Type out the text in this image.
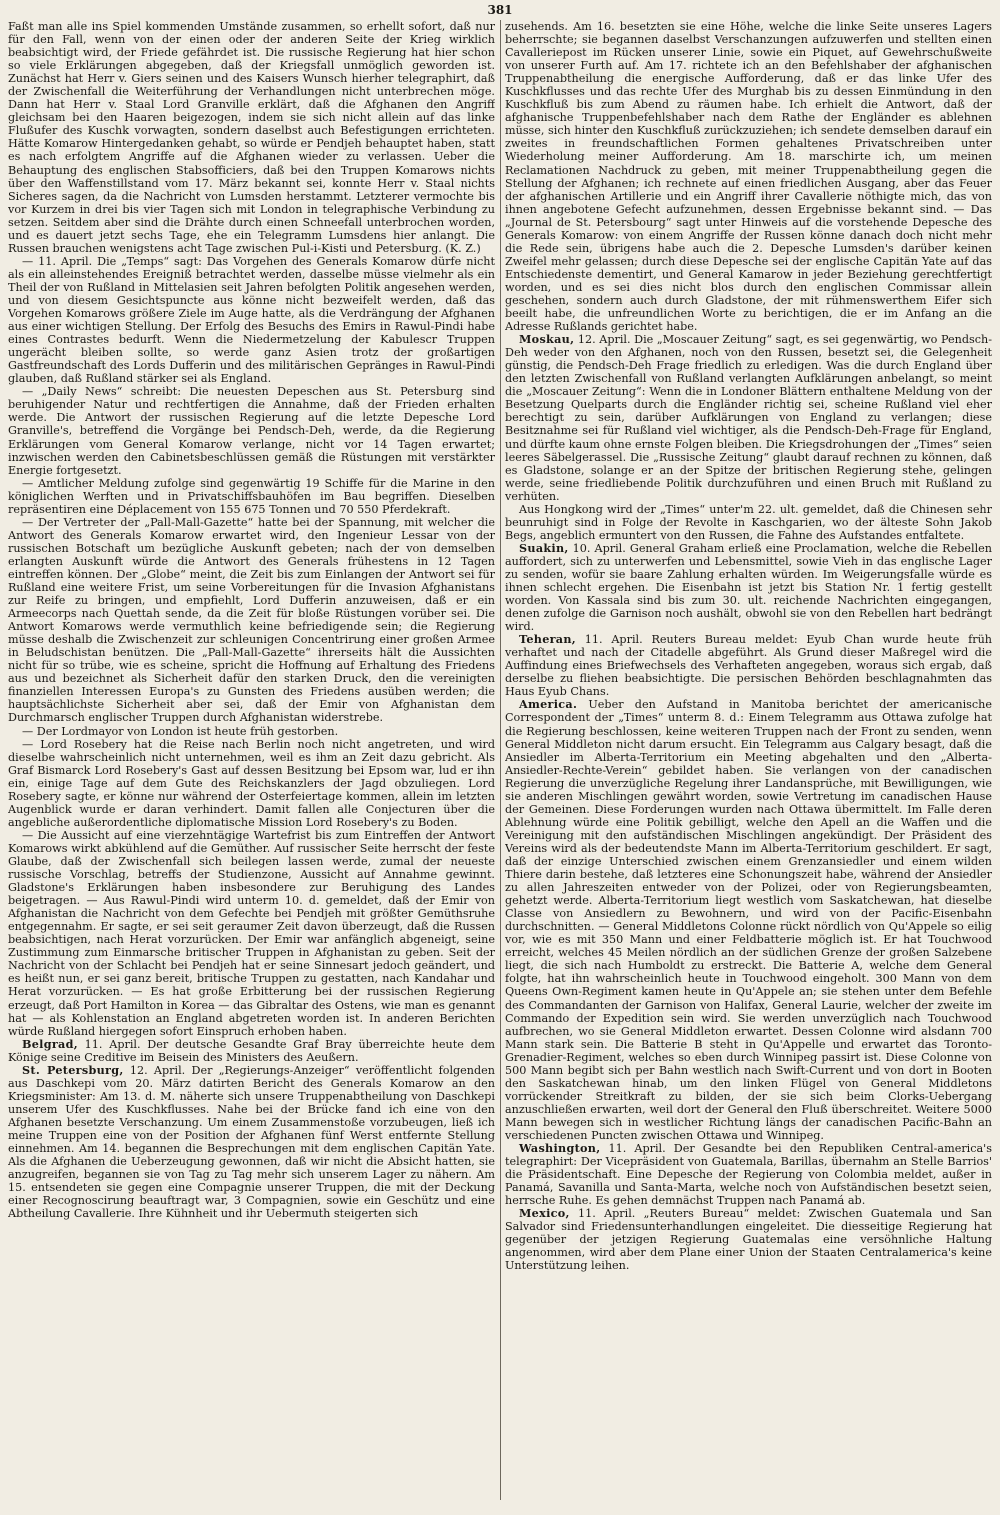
381

Faßt man alle ins Spiel kommenden Umstände zusammen, so erhellt sofort, daß nur für den Fall, wenn von der einen oder der anderen Seite der Krieg wirklich beabsichtigt wird, der Friede gefährdet ist. Die russische Regierung hat hier schon so viele Erklärungen abgegeben, daß der Kriegsfall unmöglich geworden ist. Zunächst hat Herr v. Giers seinen und des Kaisers Wunsch hierher telegraphirt, daß der Zwischenfall die Weiterführung der Verhandlungen nicht unterbrechen möge. Dann hat Herr v. Staal Lord Granville erklärt, daß die Afghanen den Angriff gleichsam bei den Haaren beigezogen, indem sie sich nicht allein auf das linke Flußufer des Kuschk vorwagten, sondern daselbst auch Befestigungen errichteten. Hätte Komarow Hintergedanken gehabt, so würde er Pendjeh behauptet haben, statt es nach erfolgtem Angriffe auf die Afghanen wieder zu verlassen. Ueber die Behauptung des englischen Stabsofficiers, daß bei den Truppen Komarows nichts über den Waffenstillstand vom 17. März bekannt sei, konnte Herr v. Staal nichts Sicheres sagen, da die Nachricht von Lumsden herstammt. Letzterer vermochte bis vor Kurzem in drei bis vier Tagen sich mit London in telegraphische Verbindung zu setzen. Seitdem aber sind die Drähte durch einen Schneefall unterbrochen worden, und es dauert jetzt sechs Tage, ehe ein Telegramm Lumsdens hier anlangt. Die Russen brauchen wenigstens acht Tage zwischen Pul-i-Kisti und Petersburg. (K. Z.)

— 11. April. Die „Temps“ sagt: Das Vorgehen des Generals Komarow dürfe nicht als ein alleinstehendes Ereigniß betrachtet werden, dasselbe müsse vielmehr als ein Theil der von Rußland in Mittelasien seit Jahren befolgten Politik angesehen werden, und von diesem Gesichtspuncte aus könne nicht bezweifelt werden, daß das Vorgehen Komarows größere Ziele im Auge hatte, als die Verdrängung der Afghanen aus einer wichtigen Stellung. Der Erfolg des Besuchs des Emirs in Rawul-Pindi habe eines Contrastes bedurft. Wenn die Niedermetzelung der Kabulescr Truppen ungerächt bleiben sollte, so werde ganz Asien trotz der großartigen Gastfreundschaft des Lords Dufferin und des militärischen Gepränges in Rawul-Pindi glauben, daß Rußland stärker sei als England.

— „Daily News“ schreibt: Die neuesten Depeschen aus St. Petersburg sind beruhigender Natur und rechtfertigen die Annahme, daß der Frieden erhalten werde. Die Antwort der russischen Regierung auf die letzte Depesche Lord Granville's, betreffend die Vorgänge bei Pendsch-Deh, werde, da die Regierung Erklärungen vom General Komarow verlange, nicht vor 14 Tagen erwartet; inzwischen werden den Cabinetsbeschlüssen gemäß die Rüstungen mit verstärkter Energie fortgesetzt.

— Amtlicher Meldung zufolge sind gegenwärtig 19 Schiffe für die Marine in den königlichen Werften und in Privatschiffsbauhöfen im Bau begriffen. Dieselben repräsentiren eine Déplacement von 155 675 Tonnen und 70 550 Pferdekraft.

— Der Vertreter der „Pall-Mall-Gazette“ hatte bei der Spannung, mit welcher die Antwort des Generals Komarow erwartet wird, den Ingenieur Lessar von der russischen Botschaft um bezügliche Auskunft gebeten; nach der von demselben erlangten Auskunft würde die Antwort des Generals frühestens in 12 Tagen eintreffen können. Der „Globe“ meint, die Zeit bis zum Einlangen der Antwort sei für Rußland eine weitere Frist, um seine Vorbereitungen für die Invasion Afghanistans zur Reife zu bringen, und empfiehlt, Lord Dufferin anzuweisen, daß er ein Armeecorps nach Quettah sende, da die Zeit für bloße Rüstungen vorüber sei. Die Antwort Komarows werde vermuthlich keine befriedigende sein; die Regierung müsse deshalb die Zwischenzeit zur schleunigen Concentrirung einer großen Armee in Beludschistan benützen. Die „Pall-Mall-Gazette“ ihrerseits hält die Aussichten nicht für so trübe, wie es scheine, spricht die Hoffnung auf Erhaltung des Friedens aus und bezeichnet als Sicherheit dafür den starken Druck, den die vereinigten finanziellen Interessen Europa's zu Gunsten des Friedens ausüben werden; die hauptsächlichste Sicherheit aber sei, daß der Emir von Afghanistan dem Durchmarsch englischer Truppen durch Afghanistan widerstrebe.

— Der Lordmayor von London ist heute früh gestorben.

— Lord Rosebery hat die Reise nach Berlin noch nicht angetreten, und wird dieselbe wahrscheinlich nicht unternehmen, weil es ihm an Zeit dazu gebricht. Als Graf Bismarck Lord Rosebery's Gast auf dessen Besitzung bei Epsom war, lud er ihn ein, einige Tage auf dem Gute des Reichskanzlers der Jagd obzuliegen. Lord Rosebery sagte, er könne nur während der Osterfeiertage kommen, allein im letzten Augenblick wurde er daran verhindert. Damit fallen alle Conjecturen über die angebliche außerordentliche diplomatische Mission Lord Rosebery's zu Boden.

— Die Aussicht auf eine vierzehntägige Wartefrist bis zum Eintreffen der Antwort Komarows wirkt abkühlend auf die Gemüther. Auf russischer Seite herrscht der feste Glaube, daß der Zwischenfall sich beilegen lassen werde, zumal der neueste russische Vorschlag, betreffs der Studienzone, Aussicht auf Annahme gewinnt. Gladstone's Erklärungen haben insbesondere zur Beruhigung des Landes beigetragen. — Aus Rawul-Pindi wird unterm 10. d. gemeldet, daß der Emir von Afghanistan die Nachricht von dem Gefechte bei Pendjeh mit größter Gemüthsruhe entgegennahm. Er sagte, er sei seit geraumer Zeit davon überzeugt, daß die Russen beabsichtigen, nach Herat vorzurücken. Der Emir war anfänglich abgeneigt, seine Zustimmung zum Einmarsche britischer Truppen in Afghanistan zu geben. Seit der Nachricht von der Schlacht bei Pendjeh hat er seine Sinnesart jedoch geändert, und es heißt nun, er sei ganz bereit, britische Truppen zu gestatten, nach Kandahar und Herat vorzurücken. — Es hat große Erbitterung bei der russischen Regierung erzeugt, daß Port Hamilton in Korea — das Gibraltar des Ostens, wie man es genannt hat — als Kohlenstation an England abgetreten worden ist. In anderen Berichten würde Rußland hiergegen sofort Einspruch erhoben haben.

Belgrad, 11. April. Der deutsche Gesandte Graf Bray überreichte heute dem Könige seine Creditive im Beisein des Ministers des Aeußern.

St. Petersburg, 12. April. Der „Regierungs-Anzeiger“ veröffentlicht folgenden aus Daschkepi vom 20. März datirten Bericht des Generals Komarow an den Kriegsminister: Am 13. d. M. näherte sich unsere Truppenabtheilung von Daschkepi unserem Ufer des Kuschkflusses. Nahe bei der Brücke fand ich eine von den Afghanen besetzte Verschanzung. Um einem Zusammenstoße vorzubeugen, ließ ich meine Truppen eine von der Position der Afghanen fünf Werst entfernte Stellung einnehmen. Am 14. begannen die Besprechungen mit dem englischen Capitän Yate. Als die Afghanen die Ueberzeugung gewonnen, daß wir nicht die Absicht hatten, sie anzugreifen, begannen sie von Tag zu Tag mehr sich unserem Lager zu nähern. Am 15. entsendeten sie gegen eine Compagnie unserer Truppen, die mit der Deckung einer Recognoscirung beauftragt war, 3 Compagnien, sowie ein Geschütz und eine Abtheilung Cavallerie. Ihre Kühnheit und ihr Uebermuth steigerten sich

zusehends. Am 16. besetzten sie eine Höhe, welche die linke Seite unseres Lagers beherrschte; sie begannen daselbst Verschanzungen aufzuwerfen und stellten einen Cavalleriepost im Rücken unserer Linie, sowie ein Piquet, auf Gewehrschußweite von unserer Furth auf. Am 17. richtete ich an den Befehlshaber der afghanischen Truppenabtheilung die energische Aufforderung, daß er das linke Ufer des Kuschkflusses und das rechte Ufer des Murghab bis zu dessen Einmündung in den Kuschkfluß bis zum Abend zu räumen habe. Ich erhielt die Antwort, daß der afghanische Truppenbefehlshaber nach dem Rathe der Engländer es ablehnen müsse, sich hinter den Kuschkfluß zurückzuziehen; ich sendete demselben darauf ein zweites in freundschaftlichen Formen gehaltenes Privatschreiben unter Wiederholung meiner Aufforderung. Am 18. marschirte ich, um meinen Reclamationen Nachdruck zu geben, mit meiner Truppenabtheilung gegen die Stellung der Afghanen; ich rechnete auf einen friedlichen Ausgang, aber das Feuer der afghanischen Artillerie und ein Angriff ihrer Cavallerie nöthigte mich, das von ihnen angebotene Gefecht aufzunehmen, dessen Ergebnisse bekannt sind. — Das „Journal de St. Petersbourg“ sagt unter Hinweis auf die vorstehende Depesche des Generals Komarow: von einem Angriffe der Russen könne danach doch nicht mehr die Rede sein, übrigens habe auch die 2. Depesche Lumsden's darüber keinen Zweifel mehr gelassen; durch diese Depesche sei der englische Capitän Yate auf das Entschiedenste dementirt, und General Kamarow in jeder Beziehung gerechtfertigt worden, und es sei dies nicht blos durch den englischen Commissar allein geschehen, sondern auch durch Gladstone, der mit rühmenswerthem Eifer sich beeilt habe, die unfreundlichen Worte zu berichtigen, die er im Anfang an die Adresse Rußlands gerichtet habe.

Moskau, 12. April. Die „Moscauer Zeitung“ sagt, es sei gegenwärtig, wo Pendsch-Deh weder von den Afghanen, noch von den Russen, besetzt sei, die Gelegenheit günstig, die Pendsch-Deh Frage friedlich zu erledigen. Was die durch England über den letzten Zwischenfall von Rußland verlangten Aufklärungen anbelangt, so meint die „Moscauer Zeitung“: Wenn die in Londoner Blättern enthaltene Meldung von der Besetzung Quelparts durch die Engländer richtig sei, scheine Rußland viel eher berechtigt zu sein, darüber Aufklärungen von England zu verlangen; diese Besitznahme sei für Rußland viel wichtiger, als die Pendsch-Deh-Frage für England, und dürfte kaum ohne ernste Folgen bleiben. Die Kriegsdrohungen der „Times“ seien leeres Säbelgerassel. Die „Russische Zeitung“ glaubt darauf rechnen zu können, daß es Gladstone, solange er an der Spitze der britischen Regierung stehe, gelingen werde, seine friedliebende Politik durchzuführen und einen Bruch mit Rußland zu verhüten.

Aus Hongkong wird der „Times“ unter'm 22. ult. gemeldet, daß die Chinesen sehr beunruhigt sind in Folge der Revolte in Kaschgarien, wo der älteste Sohn Jakob Begs, angeblich ermuntert von den Russen, die Fahne des Aufstandes entfaltete.

Suakin, 10. April. General Graham erließ eine Proclamation, welche die Rebellen auffordert, sich zu unterwerfen und Lebensmittel, sowie Vieh in das englische Lager zu senden, wofür sie baare Zahlung erhalten würden. Im Weigerungsfalle würde es ihnen schlecht ergehen. Die Eisenbahn ist jetzt bis Station Nr. 1 fertig gestellt worden. Von Kassala sind bis zum 30. ult. reichende Nachrichten eingegangen, denen zufolge die Garnison noch aushält, obwohl sie von den Rebellen hart bedrängt wird.

Teheran, 11. April. Reuters Bureau meldet: Eyub Chan wurde heute früh verhaftet und nach der Citadelle abgeführt. Als Grund dieser Maßregel wird die Auffindung eines Briefwechsels des Verhafteten angegeben, woraus sich ergab, daß derselbe zu fliehen beabsichtigte. Die persischen Behörden beschlagnahmten das Haus Eyub Chans.

America. Ueber den Aufstand in Manitoba berichtet der americanische Correspondent der „Times“ unterm 8. d.: Einem Telegramm aus Ottawa zufolge hat die Regierung beschlossen, keine weiteren Truppen nach der Front zu senden, wenn General Middleton nicht darum ersucht. Ein Telegramm aus Calgary besagt, daß die Ansiedler im Alberta-Territorium ein Meeting abgehalten und den „Alberta-Ansiedler-Rechte-Verein“ gebildet haben. Sie verlangen von der canadischen Regierung die unverzügliche Regelung ihrer Landansprüche, mit Bewilligungen, wie sie anderen Mischlingen gewährt worden, sowie Vertretung im canadischen Hause der Gemeinen. Diese Forderungen wurden nach Ottawa übermittelt. Im Falle deren Ablehnung würde eine Politik gebilligt, welche den Apell an die Waffen und die Vereinigung mit den aufständischen Mischlingen angekündigt. Der Präsident des Vereins wird als der bedeutendste Mann im Alberta-Territorium geschildert. Er sagt, daß der einzige Unterschied zwischen einem Grenzansiedler und einem wilden Thiere darin bestehe, daß letzteres eine Schonungszeit habe, während der Ansiedler zu allen Jahreszeiten entweder von der Polizei, oder von Regierungsbeamten, gehetzt werde. Alberta-Territorium liegt westlich vom Saskatchewan, hat dieselbe Classe von Ansiedlern zu Bewohnern, und wird von der Pacific-Eisenbahn durchschnitten. — General Middletons Colonne rückt nördlich von Qu'Appele so eilig vor, wie es mit 350 Mann und einer Feldbatterie möglich ist. Er hat Touchwood erreicht, welches 45 Meilen nördlich an der südlichen Grenze der großen Salzebene liegt, die sich nach Humboldt zu erstreckt. Die Batterie A, welche dem General folgte, hat ihn wahrscheinlich heute in Touchwood eingeholt. 300 Mann von dem Queens Own-Regiment kamen heute in Qu'Appele an; sie stehen unter dem Befehle des Commandanten der Garnison von Halifax, General Laurie, welcher der zweite im Commando der Expedition sein wird. Sie werden unverzüglich nach Touchwood aufbrechen, wo sie General Middleton erwartet. Dessen Colonne wird alsdann 700 Mann stark sein. Die Batterie B steht in Qu'Appelle und erwartet das Toronto-Grenadier-Regiment, welches so eben durch Winnipeg passirt ist. Diese Colonne von 500 Mann begibt sich per Bahn westlich nach Swift-Current und von dort in Booten den Saskatchewan hinab, um den linken Flügel von General Middletons vorrückender Streitkraft zu bilden, der sie sich beim Clorks-Uebergang anzuschließen erwarten, weil dort der General den Fluß überschreitet. Weitere 5000 Mann bewegen sich in westlicher Richtung längs der canadischen Pacific-Bahn an verschiedenen Puncten zwischen Ottawa und Winnipeg.

Washington, 11. April. Der Gesandte bei den Republiken Central-america's telegraphirt: Der Vicepräsident von Guatemala, Barillas, übernahm an Stelle Barrios' die Präsidentschaft. Eine Depesche der Regierung von Colombia meldet, außer in Panamá, Savanilla und Santa-Marta, welche noch von Aufständischen besetzt seien, herrsche Ruhe. Es gehen demnächst Truppen nach Panamá ab.

Mexico, 11. April. „Reuters Bureau“ meldet: Zwischen Guatemala und San Salvador sind Friedensunterhandlungen eingeleitet. Die diesseitige Regierung hat gegenüber der jetzigen Regierung Guatemalas eine versöhnliche Haltung angenommen, wird aber dem Plane einer Union der Staaten Centralamerica's keine Unterstützung leihen.
